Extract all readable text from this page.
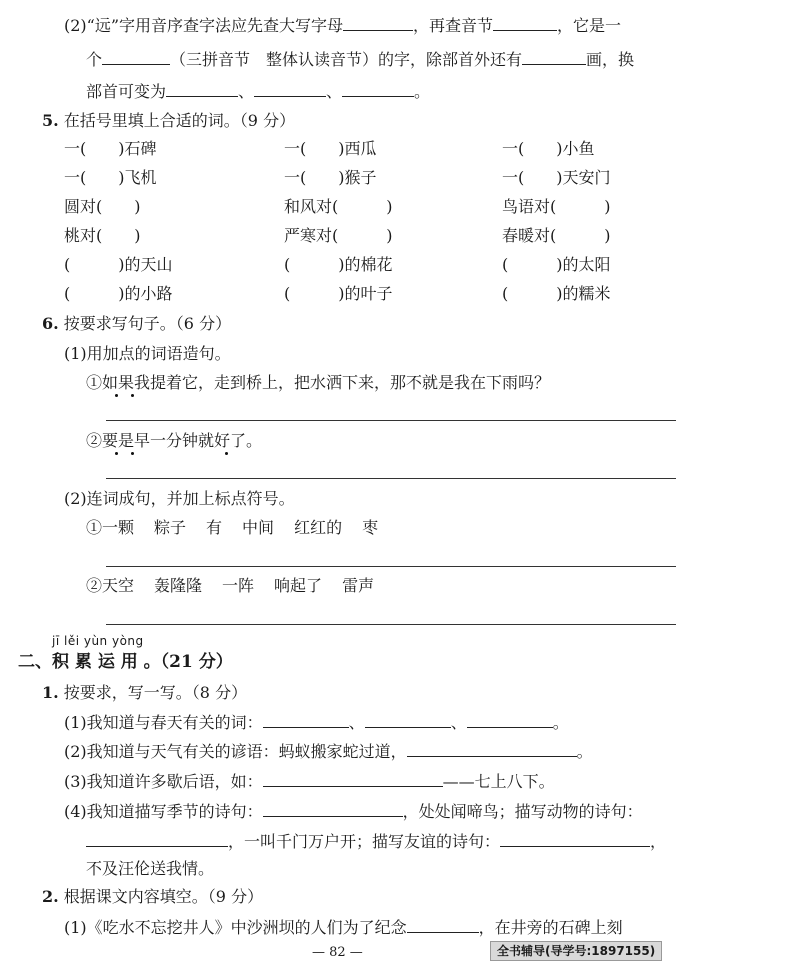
(2)“远”字用音序查字法应先查大写字母	，再查音节	，它是一
个	（三拼音节　整体认读音节）的字，除部首外还有	画，换
部首可变为	、	、	。
5. 在括号里填上合适的词。（9 分）
一(　　)石碑	一(　　)西瓜	一(　　)小鱼
一(　　)飞机	一(　　)猴子	一(　　)天安门
圆对(　　)	和风对(　　　)	鸟语对(　　　)
桃对(　　)	严寒对(　　　)	春暖对(　　　)
(　　　)的天山	(　　　)的棉花	(　　　)的太阳
(　　　)的小路	(　　　)的叶子	(　　　)的糯米
6. 按要求写句子。（6 分）
(1)用加点的词语造句。
①如果我提着它，走到桥上，把水洒下来，那不就是我在下雨吗？
②要是早一分钟就好了。
(2)连词成句，并加上标点符号。
①一颗 粽子 有 中间 红红的 枣
②天空 轰隆隆 一阵 响起了 雷声
jī lěi yùn yòng
二、积 累 运 用 。（21 分）
1. 按要求，写一写。（8 分）
(1)我知道与春天有关的词：	、	、	。
(2)我知道与天气有关的谚语：蚂蚁搬家蛇过道，	。
(3)我知道许多歇后语，如：	——七上八下。
(4)我知道描写季节的诗句：	，处处闻啼鸟；描写动物的诗句：
，一叫千门万户开；描写友谊的诗句：	，
不及汪伦送我情。
2. 根据课文内容填空。（9 分）
(1)《吃水不忘挖井人》中沙洲坝的人们为了纪念	，在井旁的石碑上刻
— 82 —	全书辅导(导学号:1897155)
